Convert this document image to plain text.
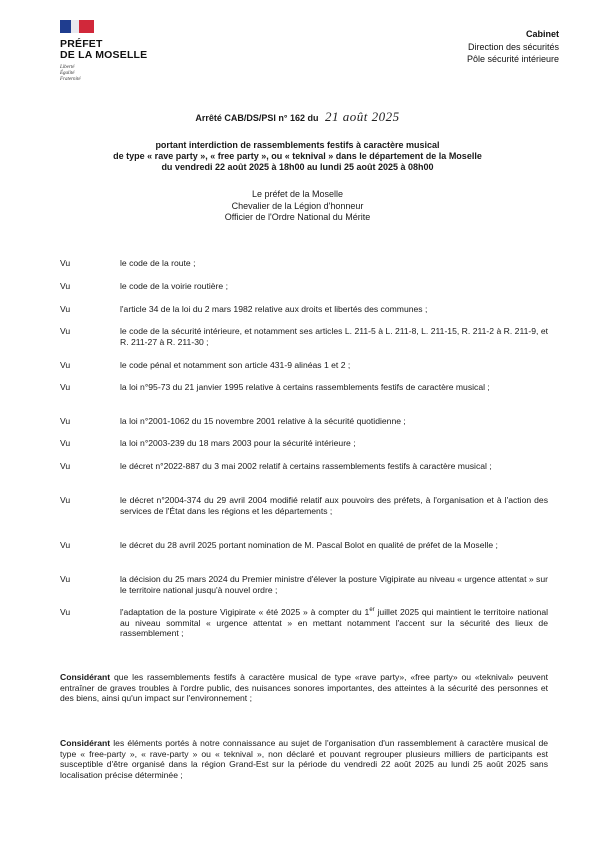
PRÉFET
DE LA MOSELLE
Liberté
Égalité
Fraternité
Cabinet
Direction des sécurités
Pôle sécurité intérieure
Arrêté CAB/DS/PSI n° 162 du 21 août 2025
portant interdiction de rassemblements festifs à caractère musical
de type « rave party », « free party », ou « teknival » dans le département de la Moselle
du vendredi 22 août 2025 à 18h00 au lundi 25 août 2025 à 08h00
Le préfet de la Moselle
Chevalier de la Légion d'honneur
Officier de l'Ordre National du Mérite
Vu	le code de la route ;
Vu	le code de la voirie routière ;
Vu	l'article 34 de la loi du 2 mars 1982 relative aux droits et libertés des communes ;
Vu	le code de la sécurité intérieure, et notamment ses articles L. 211-5 à L. 211-8, L. 211-15, R. 211-2 à R. 211-9, et R. 211-27 à R. 211-30 ;
Vu	le code pénal et notamment son article 431-9 alinéas 1 et 2 ;
Vu	la loi n°95-73 du 21 janvier 1995 relative à certains rassemblements festifs de caractère musical ;
Vu	la loi n°2001-1062 du 15 novembre 2001 relative à la sécurité quotidienne ;
Vu	la loi n°2003-239 du 18 mars 2003 pour la sécurité intérieure ;
Vu	le décret n°2022-887 du 3 mai 2002 relatif à certains rassemblements festifs à caractère musical ;
Vu	le décret n°2004-374 du 29 avril 2004 modifié relatif aux pouvoirs des préfets, à l'organisation et à l'action des services de l'État dans les régions et les départements ;
Vu	le décret du 28 avril 2025 portant nomination de M. Pascal Bolot en qualité de préfet de la Moselle ;
Vu	la décision du 25 mars 2024 du Premier ministre d'élever la posture Vigipirate au niveau « urgence attentat » sur le territoire national jusqu'à nouvel ordre ;
Vu	l'adaptation de la posture Vigipirate « été 2025 » à compter du 1er juillet 2025 qui maintient le territoire national au niveau sommital « urgence attentat » en mettant notamment l'accent sur la sécurité des lieux de rassemblement ;
Considérant que les rassemblements festifs à caractère musical de type «rave party», «free party» ou «teknival» peuvent entraîner de graves troubles à l'ordre public, des nuisances sonores importantes, des atteintes à la sécurité des personnes et des biens, ainsi qu'un impact sur l'environnement ;
Considérant les éléments portés à notre connaissance au sujet de l'organisation d'un rassemblement à caractère musical de type « free-party », « rave-party » ou « teknival », non déclaré et pouvant regrouper plusieurs milliers de participants est susceptible d'être organisé dans la région Grand-Est sur la période du vendredi 22 août 2025 au lundi 25 août 2025 sans localisation précise déterminée ;
